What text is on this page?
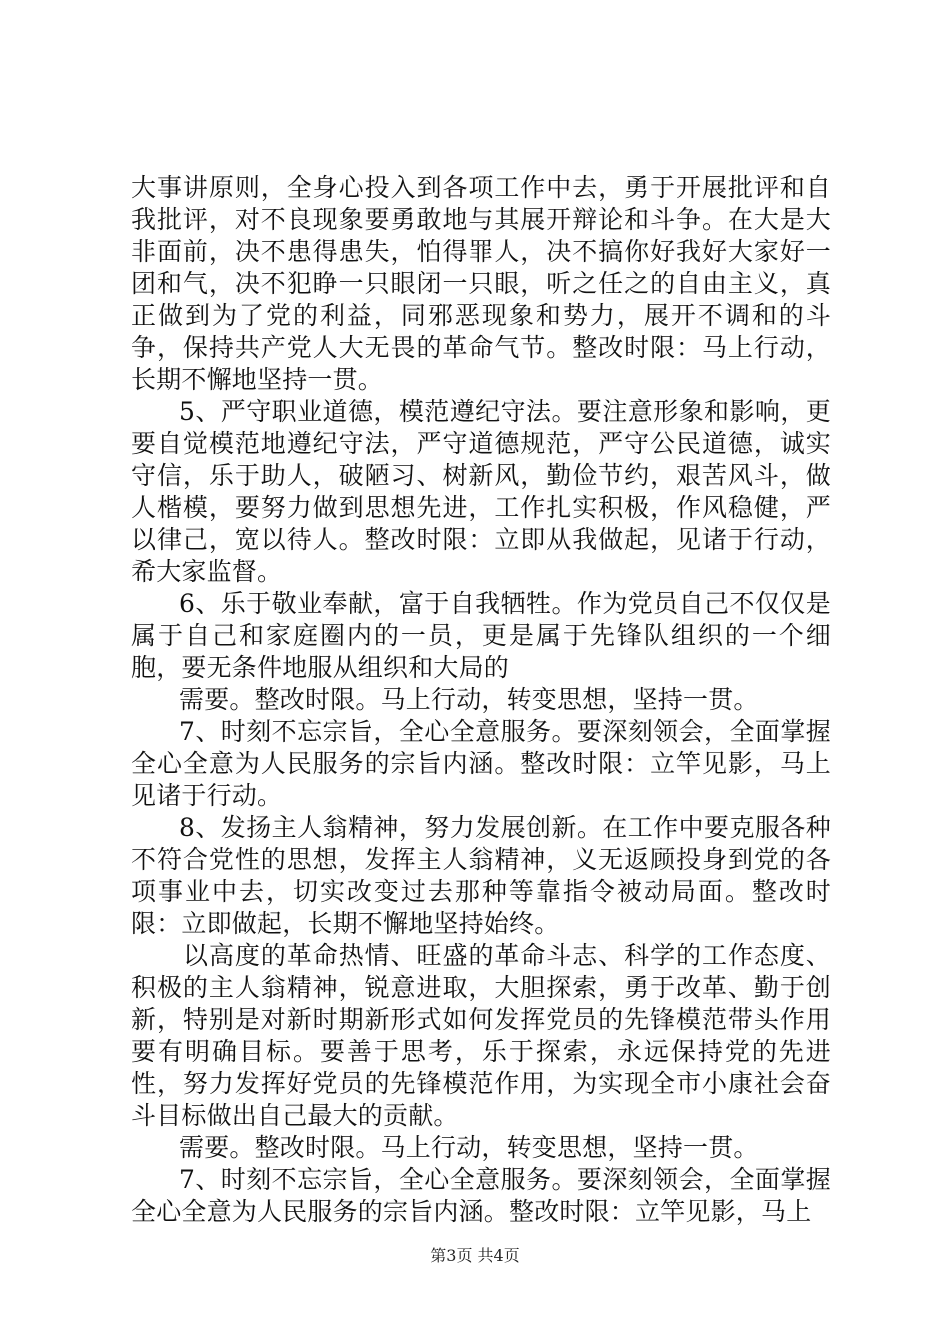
大事讲原则，全身心投入到各项工作中去，勇于开展批评和自我批评，对不良现象要勇敢地与其展开辩论和斗争。在大是大非面前，决不患得患失，怕得罪人，决不搞你好我好大家好一团和气，决不犯睁一只眼闭一只眼，听之任之的自由主义，真正做到为了党的利益，同邪恶现象和势力，展开不调和的斗争，保持共产党人大无畏的革命气节。整改时限：马上行动，长期不懈地坚持一贯。

5、严守职业道德，模范遵纪守法。要注意形象和影响，更要自觉模范地遵纪守法，严守道德规范，严守公民道德，诚实守信，乐于助人，破陋习、树新风，勤俭节约，艰苦风斗，做人楷模，要努力做到思想先进，工作扎实积极，作风稳健，严以律己，宽以待人。整改时限：立即从我做起，见诸于行动，希大家监督。

6、乐于敬业奉献，富于自我牺牲。作为党员自己不仅仅是属于自己和家庭圈内的一员，更是属于先锋队组织的一个细胞，要无条件地服从组织和大局的

需要。整改时限。马上行动，转变思想，坚持一贯。

7、时刻不忘宗旨，全心全意服务。要深刻领会，全面掌握全心全意为人民服务的宗旨内涵。整改时限：立竿见影，马上见诸于行动。

8、发扬主人翁精神，努力发展创新。在工作中要克服各种不符合党性的思想，发挥主人翁精神，义无返顾投身到党的各项事业中去，切实改变过去那种等靠指令被动局面。整改时限：立即做起，长期不懈地坚持始终。

以高度的革命热情、旺盛的革命斗志、科学的工作态度、积极的主人翁精神，锐意进取，大胆探索，勇于改革、勤于创新，特别是对新时期新形式如何发挥党员的先锋模范带头作用要有明确目标。要善于思考，乐于探索，永远保持党的先进性，努力发挥好党员的先锋模范作用，为实现全市小康社会奋斗目标做出自己最大的贡献。

需要。整改时限。马上行动，转变思想，坚持一贯。

7、时刻不忘宗旨，全心全意服务。要深刻领会，全面掌握全心全意为人民服务的宗旨内涵。整改时限：立竿见影，马上

第3页 共4页
